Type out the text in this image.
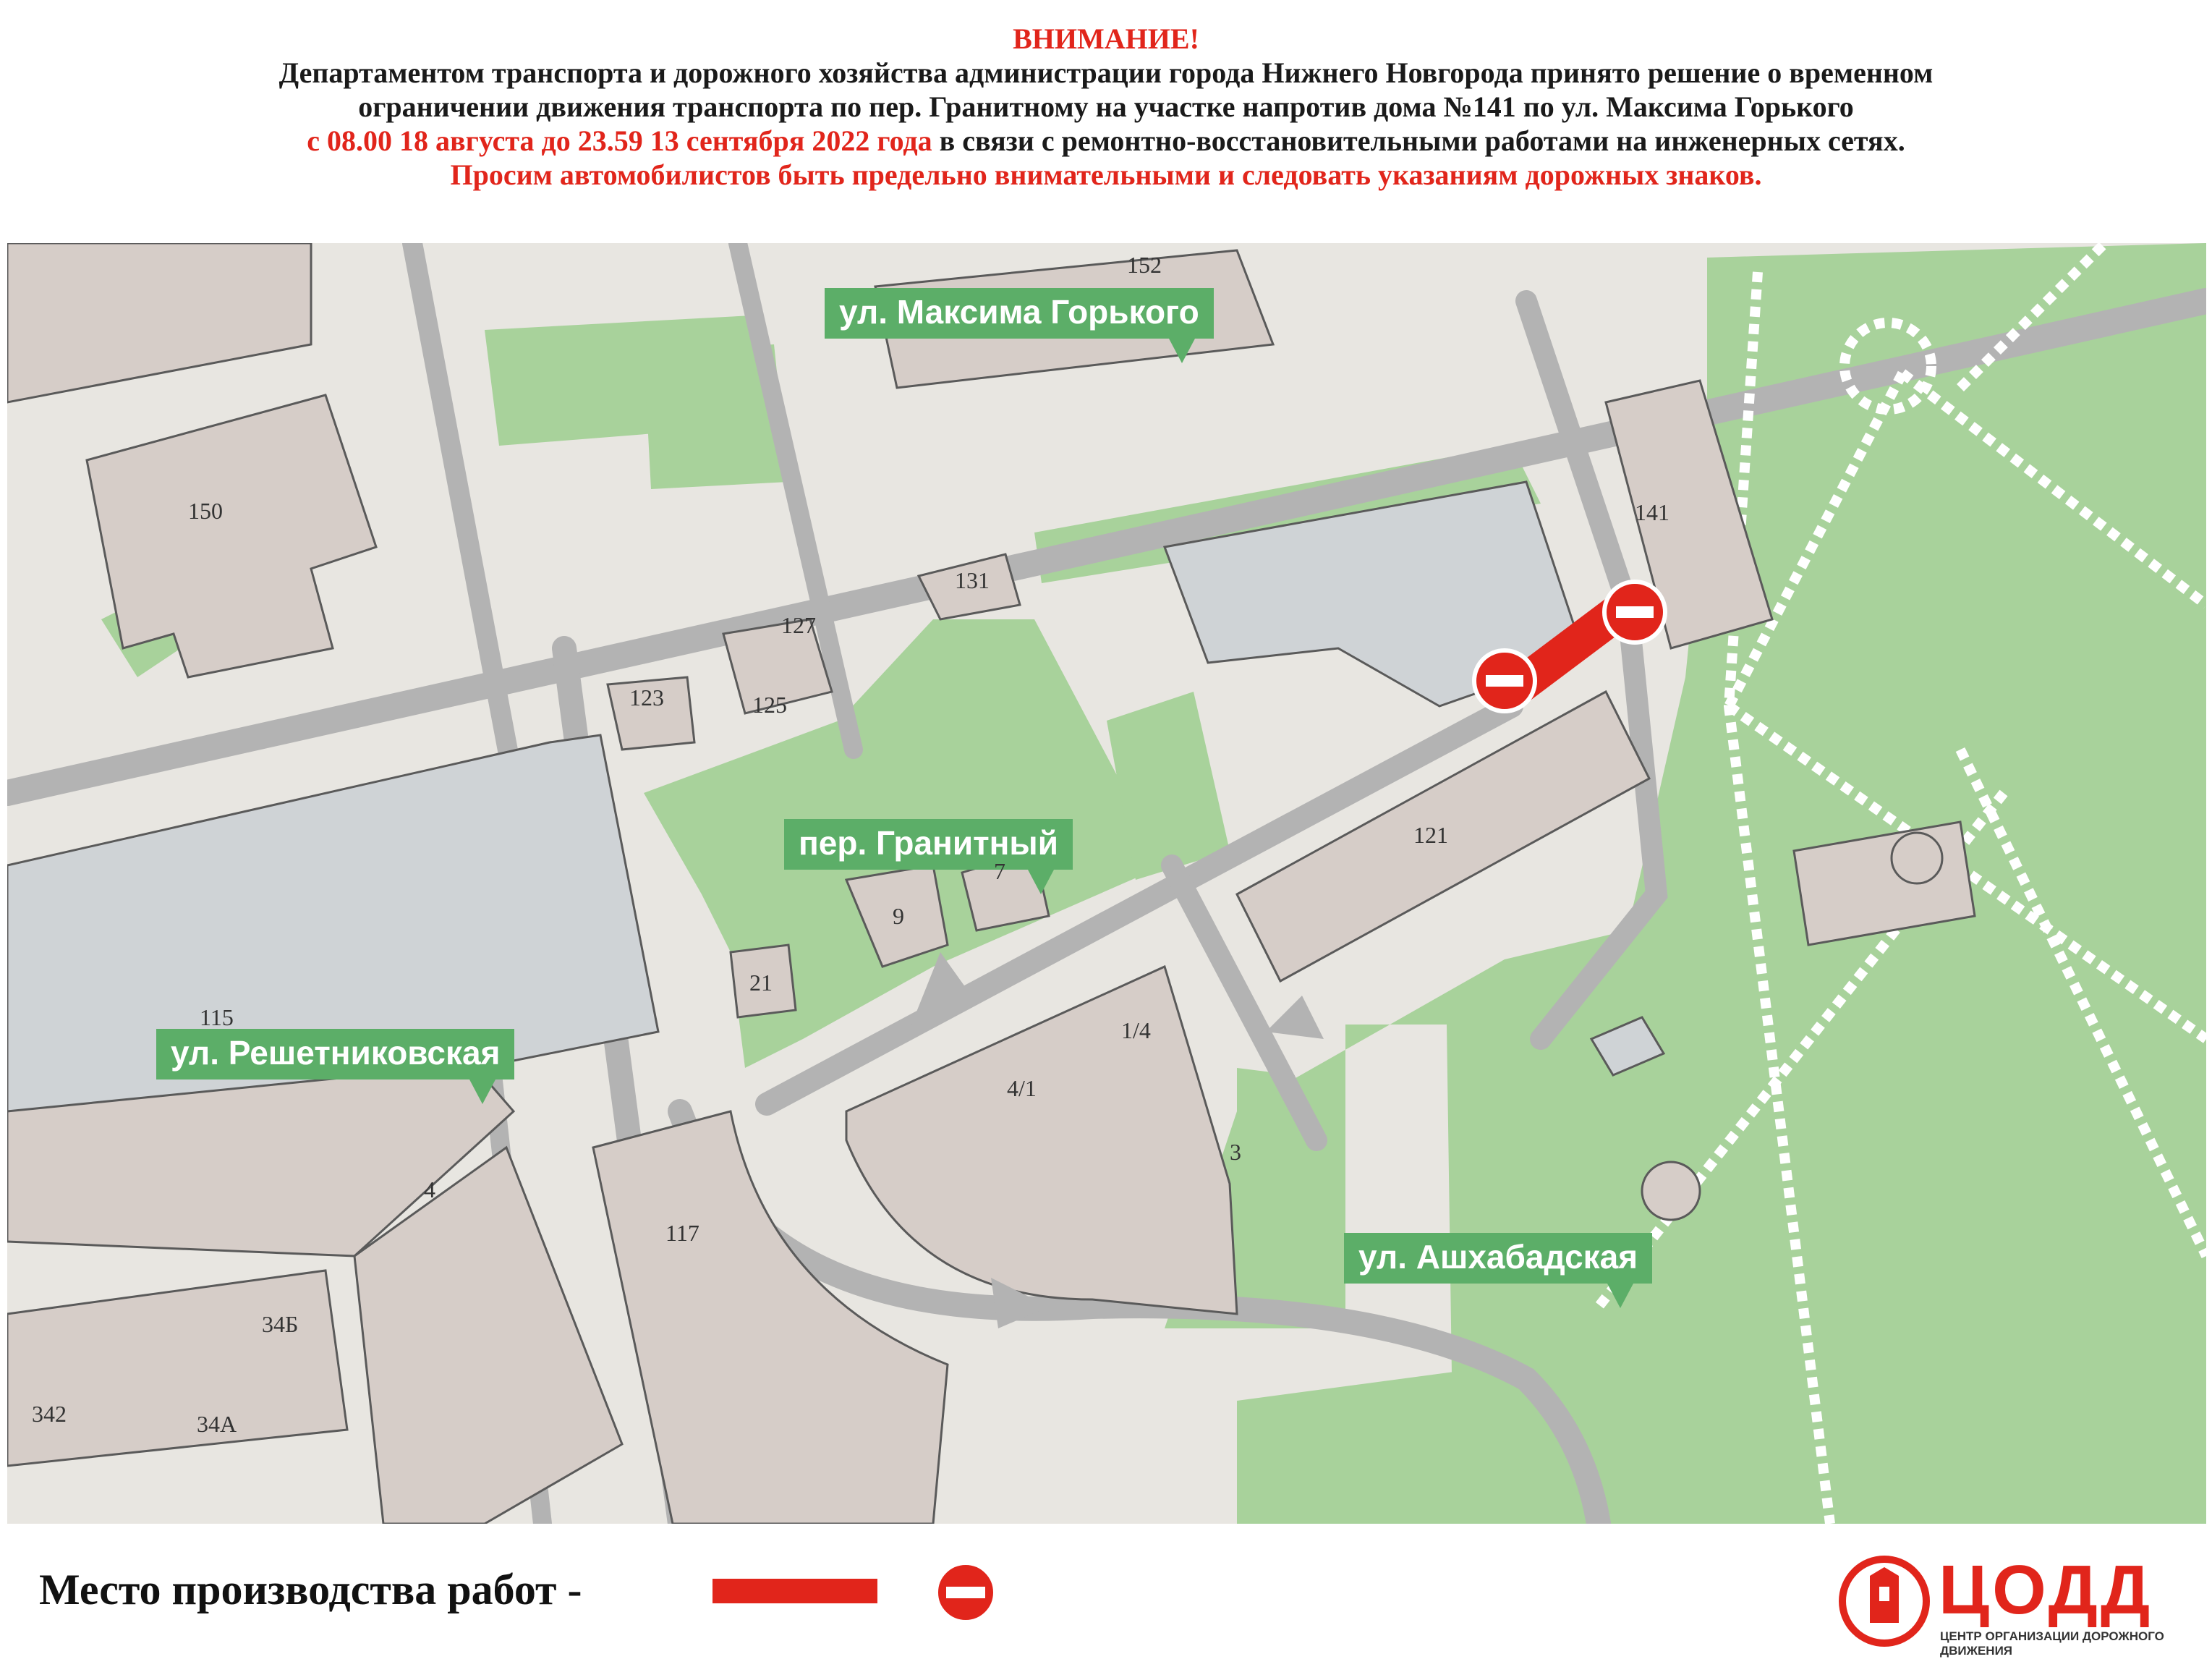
ВНИМАНИЕ!
Департаментом транспорта и дорожного хозяйства администрации города Нижнего Новгорода принято решение о временном
ограничении движения транспорта по пер. Гранитному на участке напротив дома №141 по ул. Максима Горького
с 08.00 18 августа до 23.59 13 сентября 2022 года в связи с ремонтно-восстановительными работами на инженерных сетях.
Просим автомобилистов быть предельно внимательными и следовать указаниям дорожных знаков.
ул. Максима Горького
пер. Гранитный
ул. Решетниковская
ул. Ашхабадская
152
150
131
127
125
123
141
121
9
7
21
115	1/4
4/1
3
4
117
34Б
342	34А
Место производства работ -	ЦОДД
ЦЕНТР ОРГАНИЗАЦИИ ДОРОЖНОГО ДВИЖЕНИЯ
